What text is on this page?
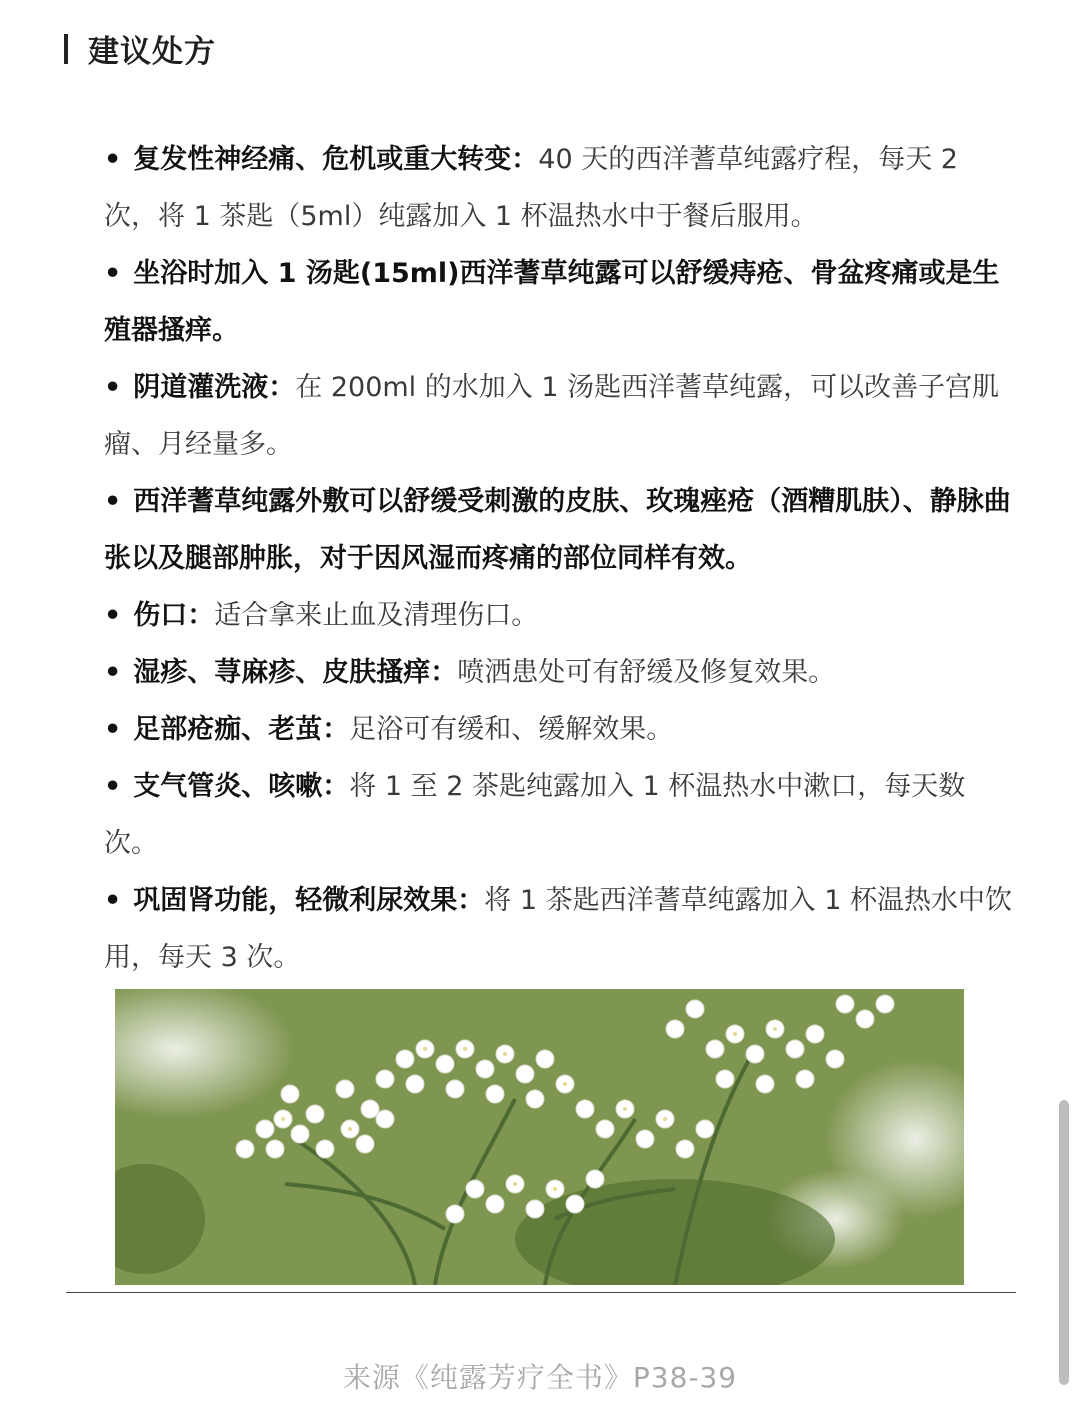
建议处方
• 复发性神经痛、危机或重大转变：40 天的西洋蓍草纯露疗程，每天 2 次，将 1 茶匙（5ml）纯露加入 1 杯温热水中于餐后服用。
• 坐浴时加入 1 汤匙(15ml)西洋蓍草纯露可以舒缓痔疮、骨盆疼痛或是生殖器搔痒。
• 阴道灌洗液：在 200ml 的水加入 1 汤匙西洋蓍草纯露，可以改善子宫肌瘤、月经量多。
• 西洋蓍草纯露外敷可以舒缓受刺激的皮肤、玫瑰痤疮（酒糟肌肤）、静脉曲张以及腿部肿胀，对于因风湿而疼痛的部位同样有效。
• 伤口：适合拿来止血及清理伤口。
• 湿疹、荨麻疹、皮肤搔痒：喷洒患处可有舒缓及修复效果。
• 足部疮痂、老茧：足浴可有缓和、缓解效果。
• 支气管炎、咳嗽：将 1 至 2 茶匙纯露加入 1 杯温热水中漱口，每天数次。
• 巩固肾功能，轻微利尿效果：将 1 茶匙西洋蓍草纯露加入 1 杯温热水中饮用，每天 3 次。
来源《纯露芳疗全书》P38-39
